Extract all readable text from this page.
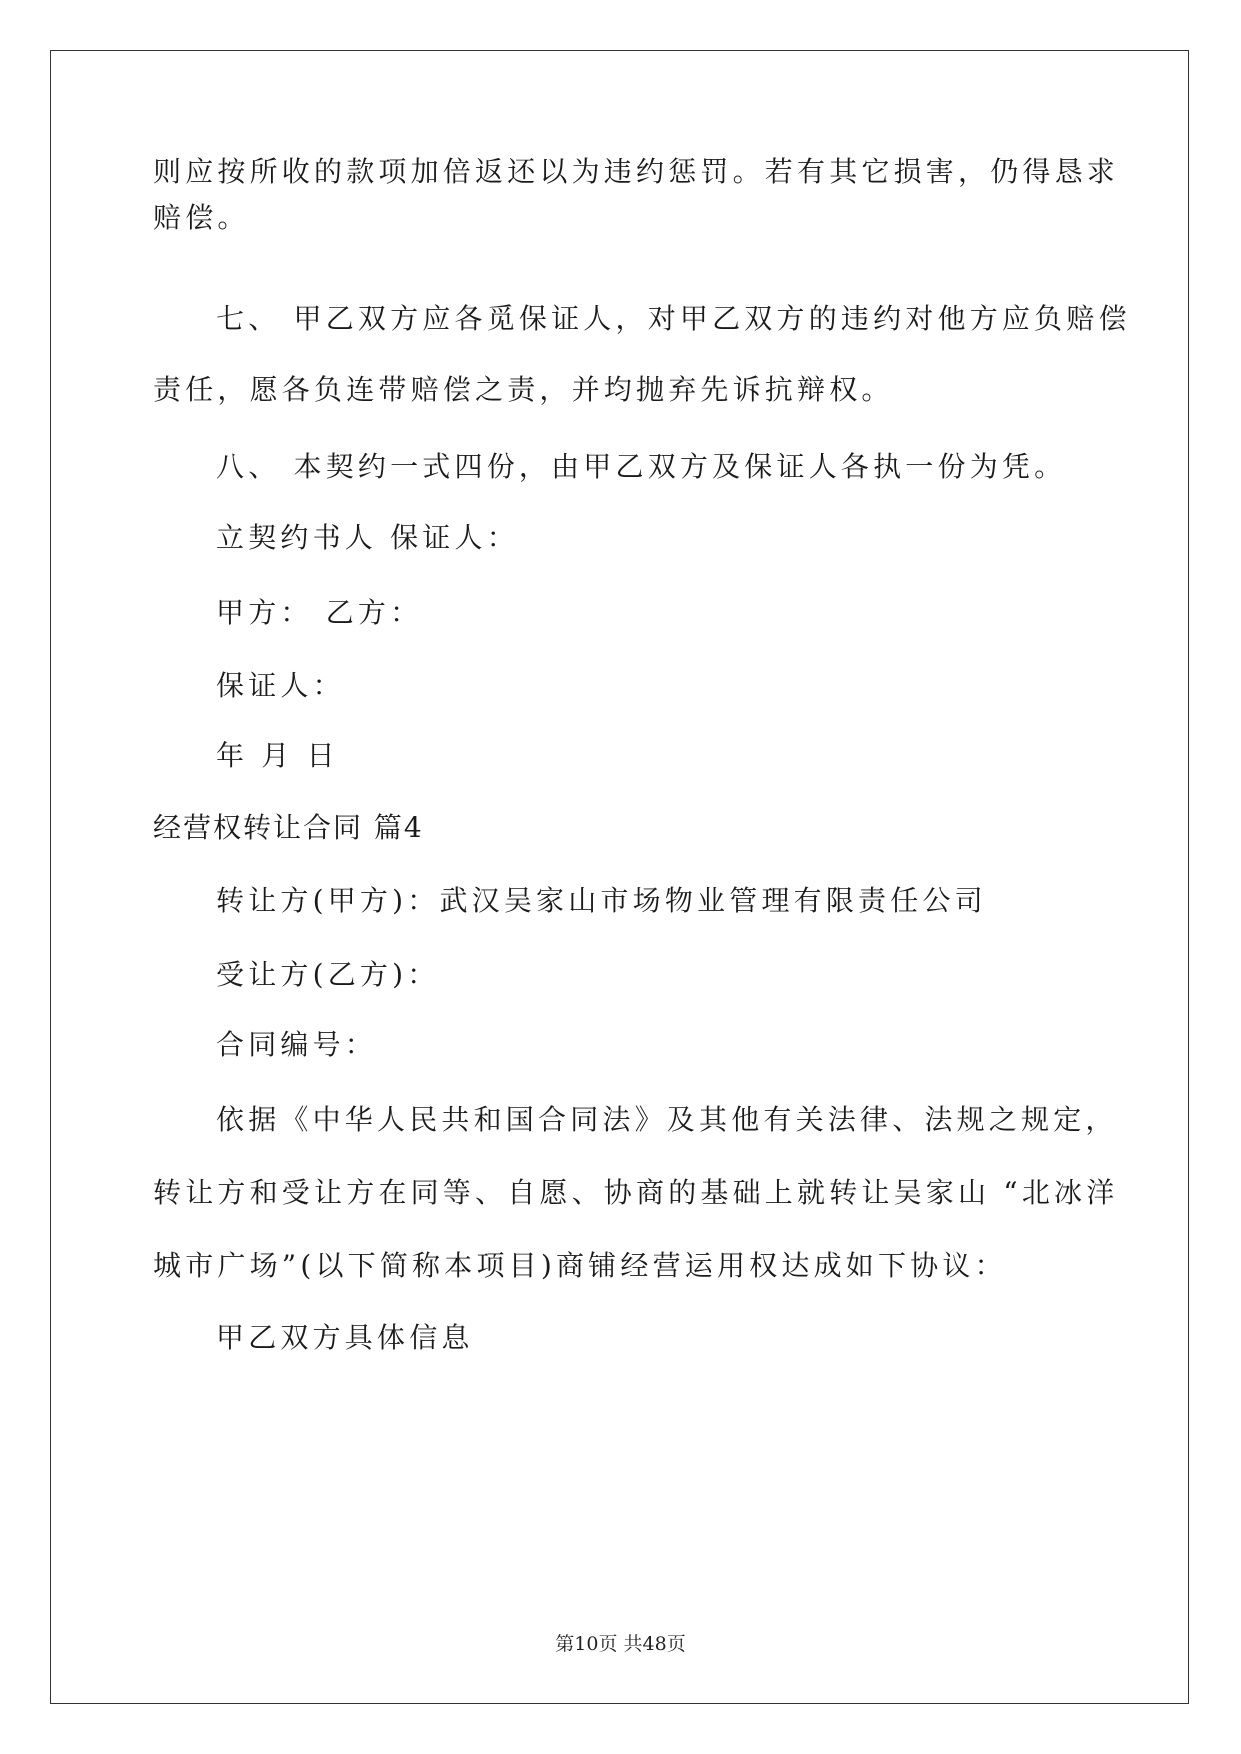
则应按所收的款项加倍返还以为违约惩罚。若有其它损害，仍得恳求
赔偿。
七、 甲乙双方应各觅保证人，对甲乙双方的违约对他方应负赔偿
责任，愿各负连带赔偿之责，并均抛弃先诉抗辩权。
八、 本契约一式四份，由甲乙双方及保证人各执一份为凭。
立契约书人 保证人：
甲方： 乙方：
保证人：
年 月 日
经营权转让合同 篇4
转让方(甲方)：武汉吴家山市场物业管理有限责任公司
受让方(乙方)：
合同编号：
依据《中华人民共和国合同法》及其他有关法律、法规之规定，
转让方和受让方在同等、自愿、协商的基础上就转让吴家山 “北冰洋
城市广场”(以下简称本项目)商铺经营运用权达成如下协议：
甲乙双方具体信息
第10页 共48页
